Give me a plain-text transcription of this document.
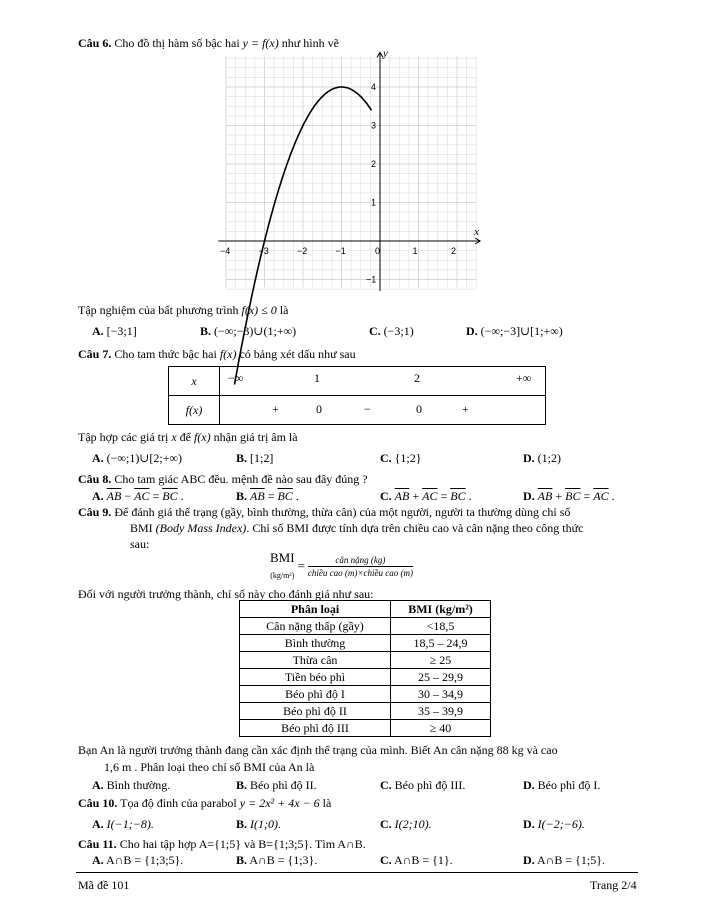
Câu 6. Cho đồ thị hàm số bậc hai y = f(x) như hình vẽ
x
y
−4	−3	−2	−1	0	1	2
4
3
2
1
−1
Tập nghiệm của bất phương trình f(x) ≤ 0 là
A. [−3;1]	B. (−∞;−3)∪(1;+∞)	C. (−3;1)	D. (−∞;−3]∪[1;+∞)
Câu 7. Cho tam thức bậc hai f(x) có bảng xét dấu như sau
x	−∞ 1 2 +∞

f(x)	+ 0 − 0 +
Tập hợp các giá trị x để f(x) nhận giá trị âm là
A. (−∞;1)∪[2;+∞)	B. [1;2]	C. {1;2}	D. (1;2)
Câu 8. Cho tam giác ABC đều. mệnh đề nào sau đây đúng ?
A. $\overline{AB} - \overline{AC} = \overline{BC}$ .	B. $\overline{AB} = \overline{BC}$ .	C. $\overline{AB} + \overline{AC} = \overline{BC}$ .	D. $\overline{AB} + \overline{BC} = \overline{AC}$ .
Câu 9. Để đánh giá thể trạng (gầy, bình thường, thừa cân) của một người, người ta thường dùng chỉ số
BMI (Body Mass Index). Chỉ số BMI được tính dựa trên chiều cao và cân nặng theo công thức
sau:
BMI
$(kg/m^2) = \frac{\text{cân nặng (kg)}}{\text{chiều cao (m)×chiều cao (m)}}$
Đối với người trưởng thành, chỉ số này cho đánh giá như sau:
Phân loại	BMI (kg/m²)
Cân nặng thấp (gầy)	<18,5
Bình thường	18,5 – 24,9
Thừa cân	≥ 25
Tiền béo phì	25 – 29,9
Béo phì độ I	30 – 34,9
Béo phì độ II	35 – 39,9
Béo phì độ III	≥ 40
Bạn An là người trưởng thành đang cần xác định thể trạng của mình. Biết An cân nặng 88 kg và cao
1,6 m . Phân loại theo chỉ số BMI của An là
A. Bình thường.	B. Béo phì độ II.	C. Béo phì độ III.	D. Béo phì độ I.
Câu 10. Tọa độ đỉnh của parabol y = 2x² + 4x − 6 là
A. I(−1;−8).	B. I(1;0).	C. I(2;10).	D. I(−2;−6).
Câu 11. Cho hai tập hợp A={1;5} và B={1;3;5}. Tìm A∩B.
A. A∩B = {1;3;5}.	B. A∩B = {1;3}.	C. A∩B = {1}.	D. A∩B = {1;5}.
Mã đề 101	Trang 2/4
